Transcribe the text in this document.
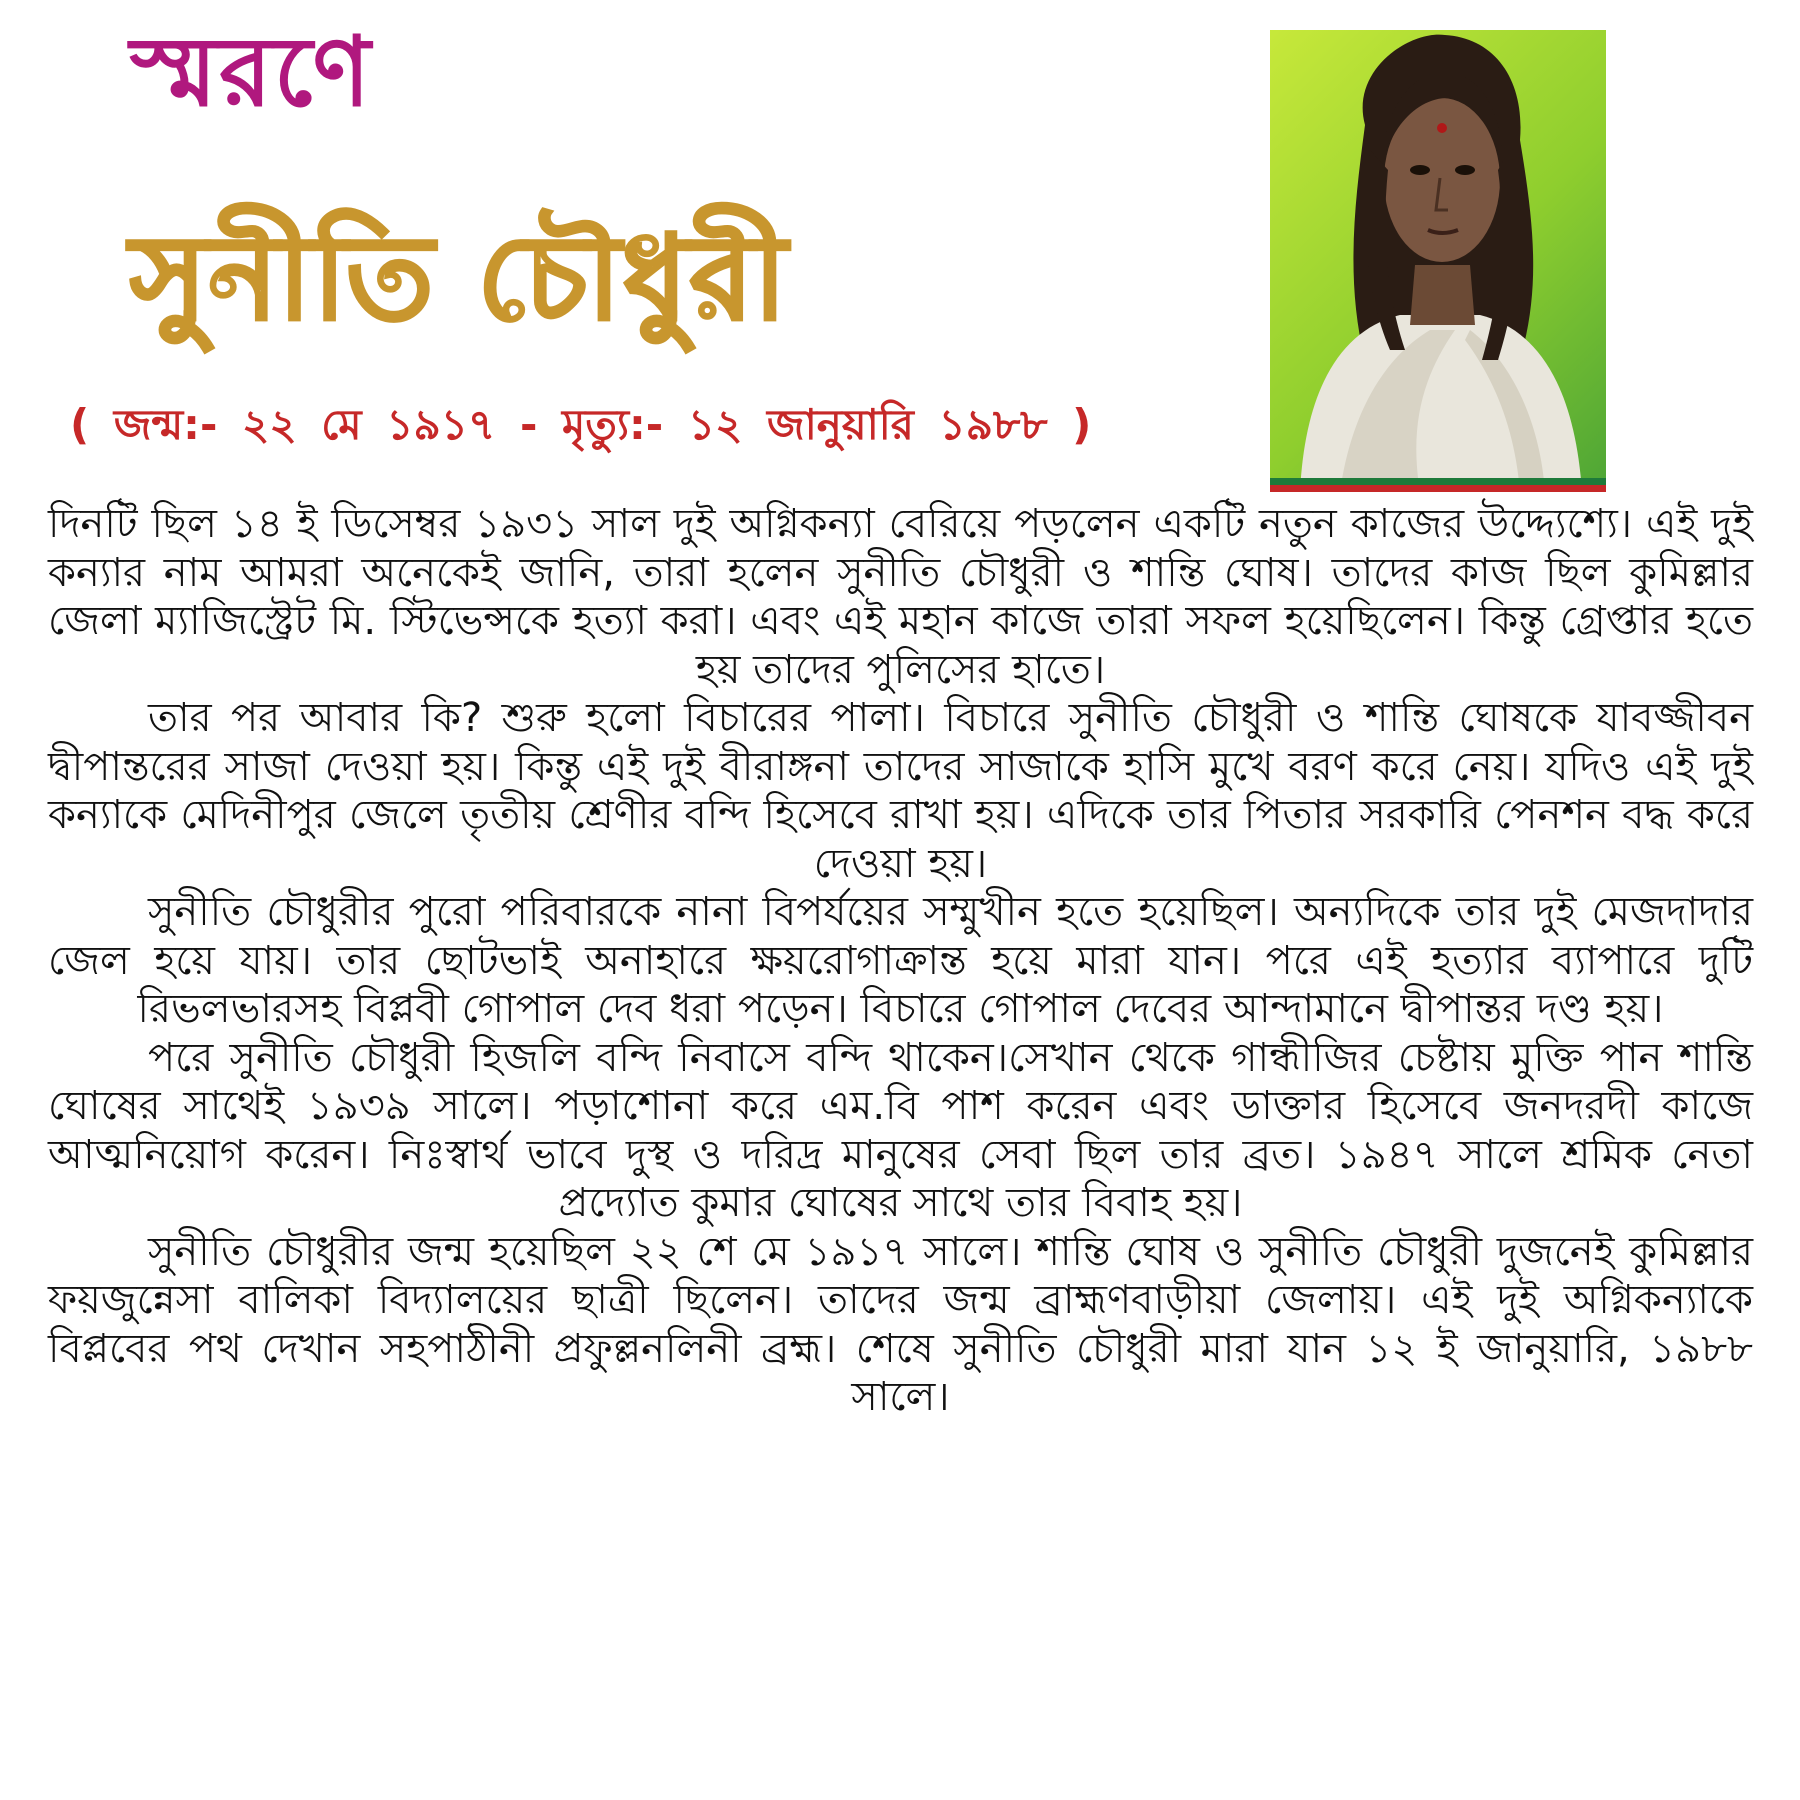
স্মরণে
সুনীতি চৌধুরী
( জন্ম:- ২২ মে ১৯১৭ - মৃত্যু:- ১২ জানুয়ারি ১৯৮৮ )

দিনটি ছিল ১৪ ই ডিসেম্বর ১৯৩১ সাল দুই অগ্নিকন্যা বেরিয়ে পড়লেন একটি নতুন কাজের উদ্দ্যেশ্যে। এই দুই কন্যার নাম আমরা অনেকেই জানি, তারা হলেন সুনীতি চৌধুরী ও শান্তি ঘোষ। তাদের কাজ ছিল কুমিল্লার জেলা ম্যাজিস্ট্রেট মি. স্টিভেন্সকে হত্যা করা। এবং এই মহান কাজে তারা সফল হয়েছিলেন। কিন্তু গ্রেপ্তার হতে হয় তাদের পুলিসের হাতে।

তার পর আবার কি? শুরু হলো বিচারের পালা। বিচারে সুনীতি চৌধুরী ও শান্তি ঘোষকে যাবজ্জীবন দ্বীপান্তরের সাজা দেওয়া হয়। কিন্তু এই দুই বীরাঙ্গনা তাদের সাজাকে হাসি মুখে বরণ করে নেয়। যদিও এই দুই কন্যাকে মেদিনীপুর জেলে তৃতীয় শ্রেণীর বন্দি হিসেবে রাখা হয়। এদিকে তার পিতার সরকারি পেনশন বদ্ধ করে দেওয়া হয়।

সুনীতি চৌধুরীর পুরো পরিবারকে নানা বিপর্যয়ের সম্মুখীন হতে হয়েছিল। অন্যদিকে তার দুই মেজদাদার জেল হয়ে যায়। তার ছোটভাই অনাহারে ক্ষয়রোগাক্রান্ত হয়ে মারা যান। পরে এই হত্যার ব্যাপারে দুটি রিভলভারসহ বিপ্লবী গোপাল দেব ধরা পড়েন। বিচারে গোপাল দেবের আন্দামানে দ্বীপান্তর দণ্ড হয়।

পরে সুনীতি চৌধুরী হিজলি বন্দি নিবাসে বন্দি থাকেন।সেখান থেকে গান্ধীজির চেষ্টায় মুক্তি পান শান্তি ঘোষের সাথেই ১৯৩৯ সালে। পড়াশোনা করে এম.বি পাশ করেন এবং ডাক্তার হিসেবে জনদরদী কাজে আত্মনিয়োগ করেন। নিঃস্বার্থ ভাবে দুস্থ ও দরিদ্র মানুষের সেবা ছিল তার ব্রত। ১৯৪৭ সালে শ্রমিক নেতা প্রদ্যোত কুমার ঘোষের সাথে তার বিবাহ হয়।

সুনীতি চৌধুরীর জন্ম হয়েছিল ২২ শে মে ১৯১৭ সালে। শান্তি ঘোষ ও সুনীতি চৌধুরী দুজনেই কুমিল্লার ফয়জুন্নেসা বালিকা বিদ্যালয়ের ছাত্রী ছিলেন। তাদের জন্ম ব্রাহ্মণবাড়ীয়া জেলায়। এই দুই অগ্নিকন্যাকে বিপ্লবের পথ দেখান সহপাঠীনী প্রফুল্লনলিনী ব্রহ্ম। শেষে সুনীতি চৌধুরী মারা যান ১২ ই জানুয়ারি, ১৯৮৮ সালে।
